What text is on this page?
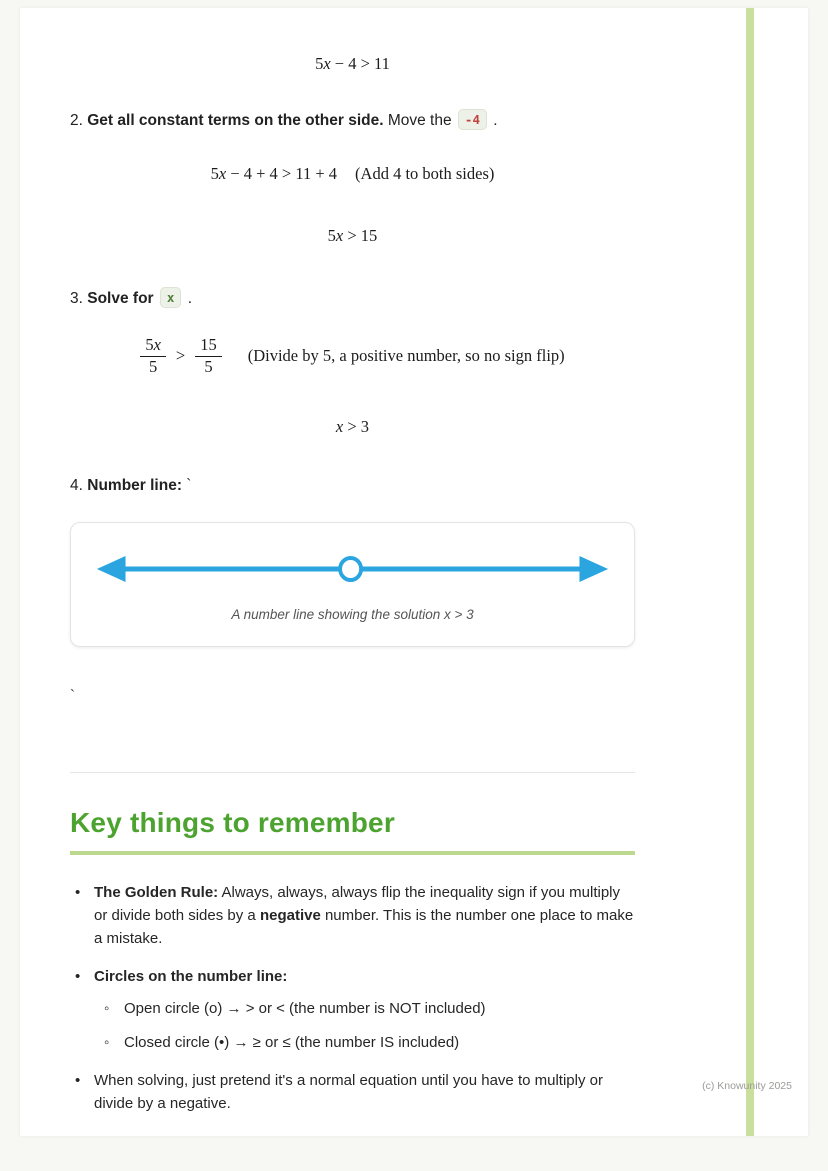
5x − 4 > 11
2. Get all constant terms on the other side. Move the -4 .
5x − 4 + 4 > 11 + 4 (Add 4 to both sides)
5x > 15
3. Solve for x .
$\frac{5x}{5} > \frac{15}{5}$ (Divide by 5, a positive number, so no sign flip)
x > 3
4. Number line: `
A number line showing the solution x > 3
`
Key things to remember
• The Golden Rule: Always, always, always flip the inequality sign if you multiply or divide both sides by a negative number. This is the number one place to make a mistake.
• Circles on the number line:
◦ Open circle (o) → > or < (the number is NOT included)
◦ Closed circle (•) → ≥ or ≤ (the number IS included)
• When solving, just pretend it's a normal equation until you have to multiply or divide by a negative.
(c) Knowunity 2025
